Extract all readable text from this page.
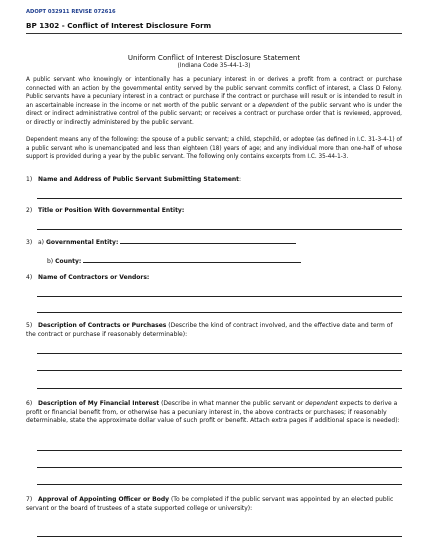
ADOPT 032911 REVISE 072616
BP 1302 - Conflict of Interest Disclosure Form
Uniform Conflict of Interest Disclosure Statement
(Indiana Code 35-44-1-3)
A public servant who knowingly or intentionally has a pecuniary interest in or derives a profit from a contract or purchase connected with an action by the governmental entity served by the public servant commits conflict of interest, a Class D Felony. Public servants have a pecuniary interest in a contract or purchase if the contract or purchase will result or is intended to result in an ascertainable increase in the income or net worth of the public servant or a dependent of the public servant who is under the direct or indirect administrative control of the public servant; or receives a contract or purchase order that is reviewed, approved, or directly or indirectly administered by the public servant.
Dependent means any of the following: the spouse of a public servant; a child, stepchild, or adoptee (as defined in I.C. 31-3-4-1) of a public servant who is unemancipated and less than eighteen (18) years of age; and any individual more than one-half of whose support is provided during a year by the public servant. The following only contains excerpts from I.C. 35-44-1-3.
1) Name and Address of Public Servant Submitting Statement:
2) Title or Position With Governmental Entity:
3) a) Governmental Entity:
b) County:
4) Name of Contractors or Vendors:
5) Description of Contracts or Purchases (Describe the kind of contract involved, and the effective date and term of the contract or purchase if reasonably determinable):
6) Description of My Financial Interest (Describe in what manner the public servant or dependent expects to derive a profit or financial benefit from, or otherwise has a pecuniary interest in, the above contracts or purchases; if reasonably determinable, state the approximate dollar value of such profit or benefit. Attach extra pages if additional space is needed):
7) Approval of Appointing Officer or Body (To be completed if the public servant was appointed by an elected public servant or the board of trustees of a state supported college or university):
